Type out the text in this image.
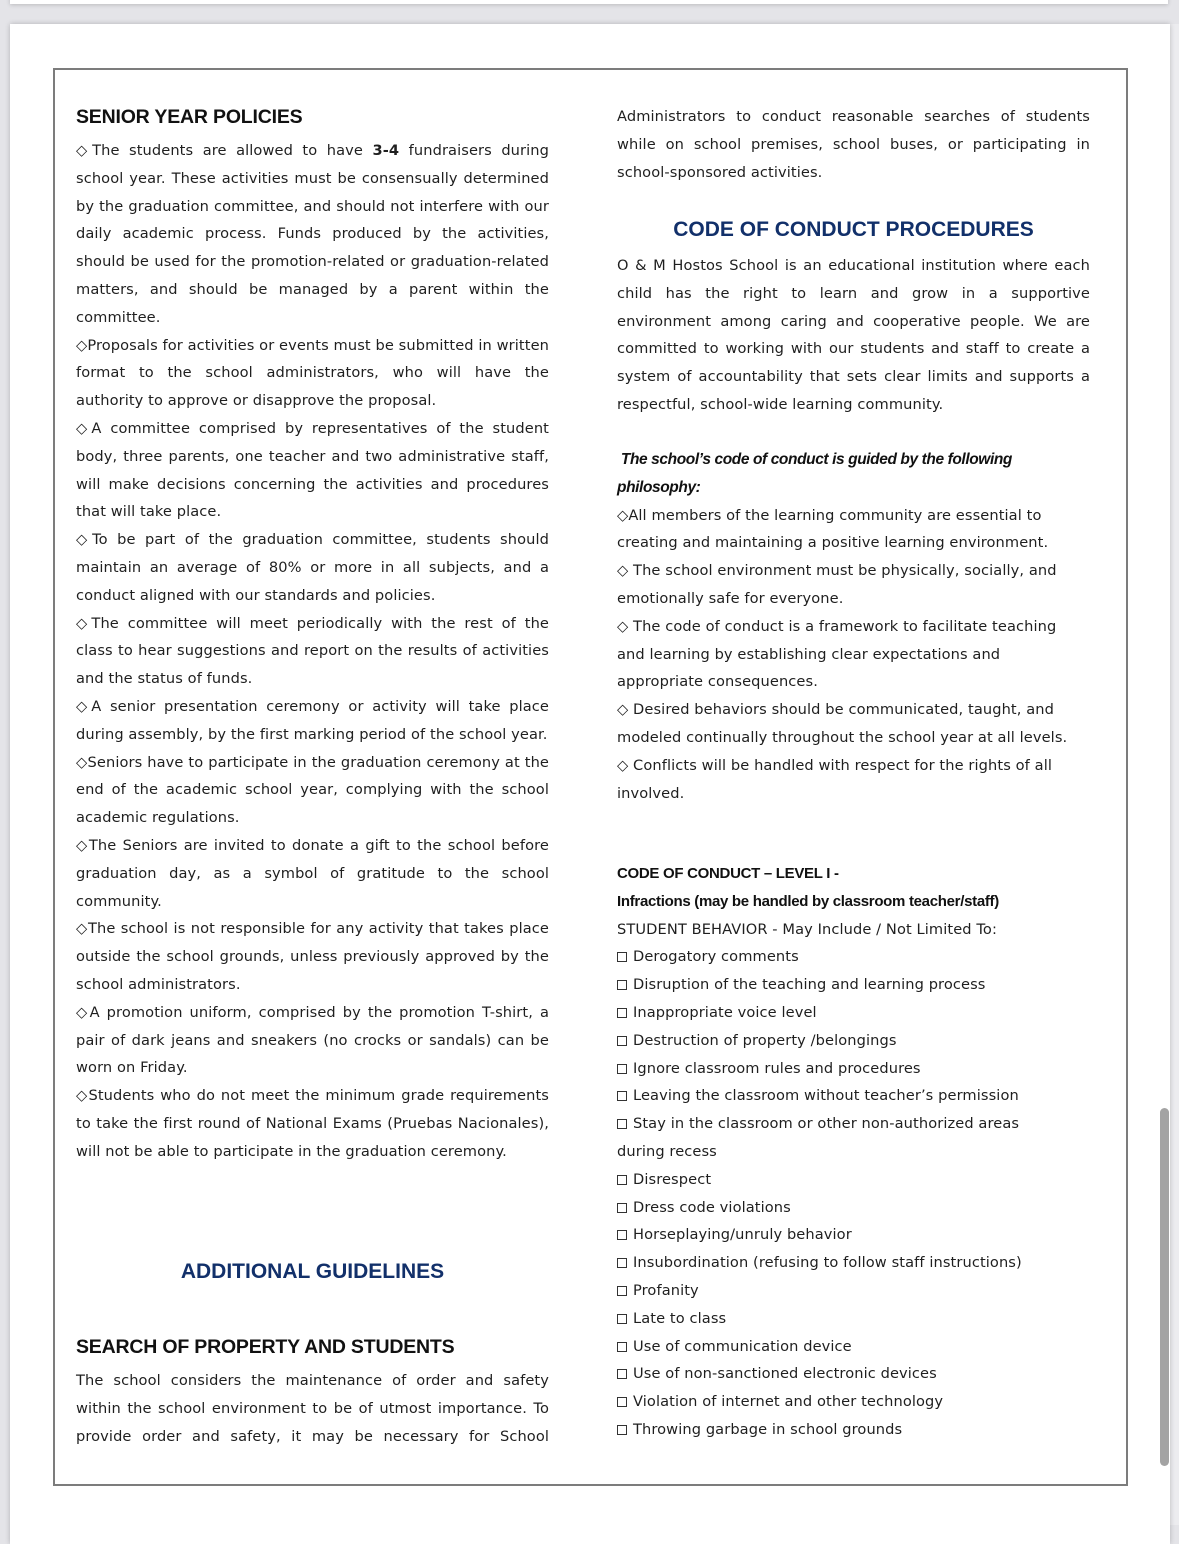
SENIOR YEAR POLICIES

◇The students are allowed to have 3-4 fundraisers during school year. These activities must be consensually determined by the graduation committee, and should not interfere with our daily academic process. Funds produced by the activities, should be used for the promotion-related or graduation-related matters, and should be managed by a parent within the committee.

◇Proposals for activities or events must be submitted in written format to the school administrators, who will have the authority to approve or disapprove the proposal.

◇A committee comprised by representatives of the student body, three parents, one teacher and two administrative staff, will make decisions concerning the activities and procedures that will take place.

◇To be part of the graduation committee, students should maintain an average of 80% or more in all subjects, and a conduct aligned with our standards and policies.

◇The committee will meet periodically with the rest of the class to hear suggestions and report on the results of activities and the status of funds.

◇A senior presentation ceremony or activity will take place during assembly, by the first marking period of the school year.

◇Seniors have to participate in the graduation ceremony at the end of the academic school year, complying with the school academic regulations.

◇The Seniors are invited to donate a gift to the school before graduation day, as a symbol of gratitude to the school community.

◇The school is not responsible for any activity that takes place outside the school grounds, unless previously approved by the school administrators.

◇A promotion uniform, comprised by the promotion T-shirt, a pair of dark jeans and sneakers (no crocks or sandals) can be worn on Friday.

◇Students who do not meet the minimum grade requirements to take the first round of National Exams (Pruebas Nacionales), will not be able to participate in the graduation ceremony.

ADDITIONAL GUIDELINES
SEARCH OF PROPERTY AND STUDENTS

The school considers the maintenance of order and safety within the school environment to be of utmost importance. To provide order and safety, it may be necessary for School

Administrators to conduct reasonable searches of students while on school premises, school buses, or participating in school-sponsored activities.

CODE OF CONDUCT PROCEDURES

O & M Hostos School is an educational institution where each child has the right to learn and grow in a supportive environment among caring and cooperative people. We are committed to working with our students and staff to create a system of accountability that sets clear limits and supports a respectful, school-wide learning community.

The school’s code of conduct is guided by the following philosophy:

◇All members of the learning community are essential to creating and maintaining a positive learning environment.

◇ The school environment must be physically, socially, and emotionally safe for everyone.

◇ The code of conduct is a framework to facilitate teaching and learning by establishing clear expectations and appropriate consequences.

◇ Desired behaviors should be communicated, taught, and modeled continually throughout the school year at all levels.

◇ Conflicts will be handled with respect for the rights of all involved.

CODE OF CONDUCT – LEVEL I -

Infractions (may be handled by classroom teacher/staff)

STUDENT BEHAVIOR - May Include / Not Limited To:

Derogatory comments

Disruption of the teaching and learning process

Inappropriate voice level

Destruction of property /belongings

Ignore classroom rules and procedures

Leaving the classroom without teacher’s permission

Stay in the classroom or other non-authorized areas during recess

Disrespect

Dress code violations

Horseplaying/unruly behavior

Insubordination (refusing to follow staff instructions)

Profanity

Late to class

Use of communication device

Use of non-sanctioned electronic devices

Violation of internet and other technology

Throwing garbage in school grounds
